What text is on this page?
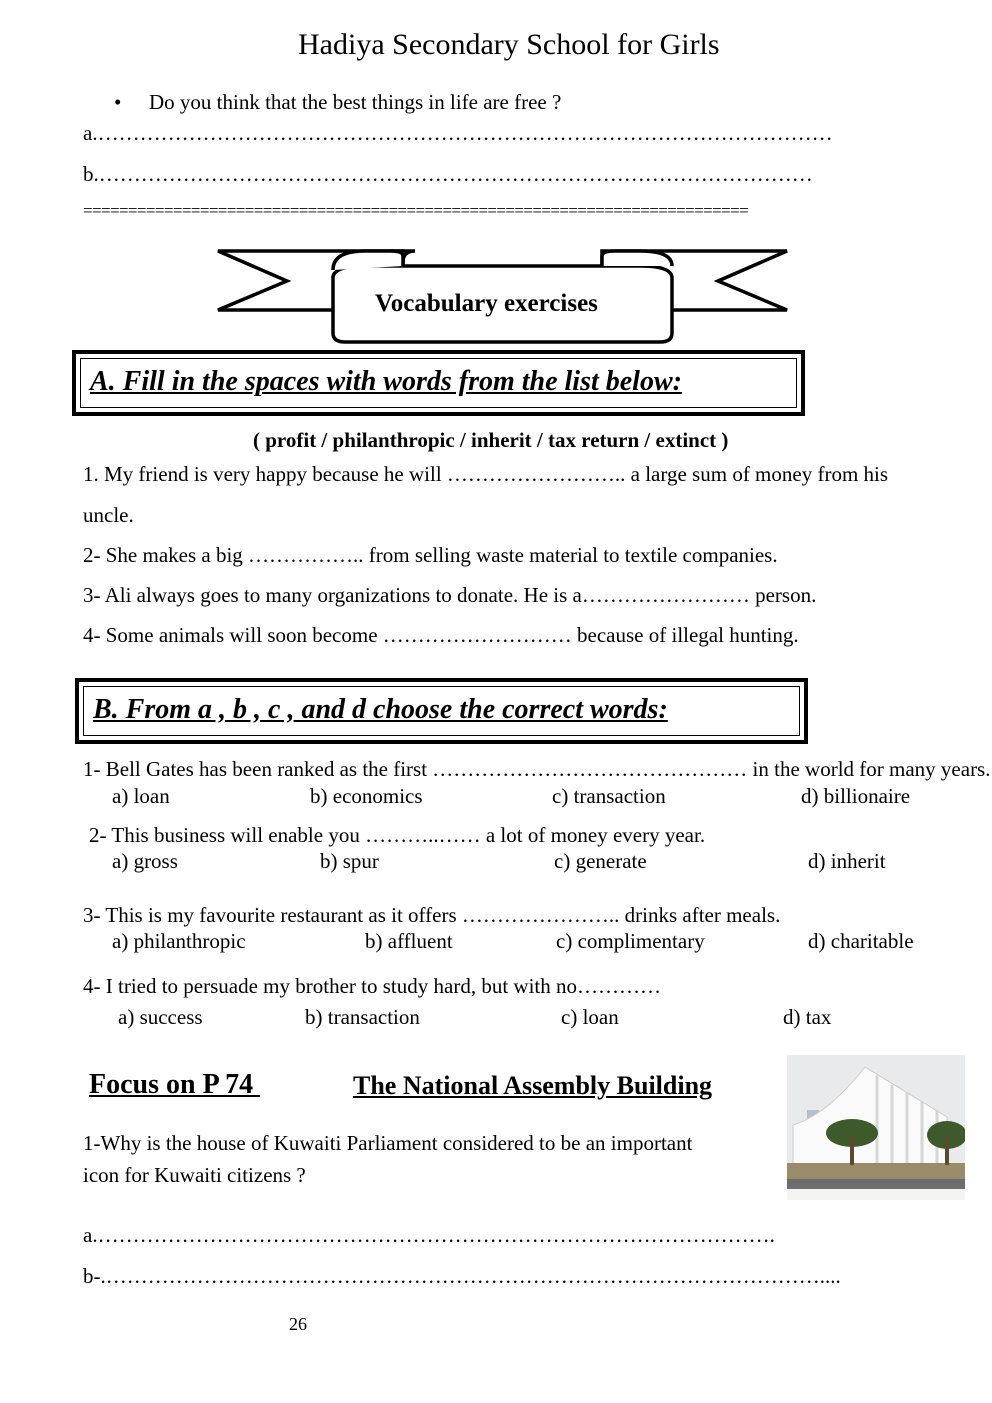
Hadiya Secondary School for Girls
• Do you think that the best things in life are free ?
a.……………………………………………………………………………………………
b.…………………………………………………………………………………………
==========================================================================
Vocabulary exercises
A. Fill in the spaces with words from the list below:
( profit / philanthropic / inherit / tax return / extinct )
1. My friend is very happy because he will …………………….. a large sum of money from his
uncle.
2- She makes a big …………….. from selling waste material to textile companies.
3- Ali always goes to many organizations to donate. He is a…………………… person.
4- Some animals will soon become ……………………… because of illegal hunting.
B. From a , b , c , and d choose the correct words:
1- Bell Gates has been ranked as the first ……………………………………… in the world for many years.
a) loan	b) economics	c) transaction	d) billionaire
2- This business will enable you ………..…… a lot of money every year.
a) gross	b) spur	c) generate	d) inherit
3- This is my favourite restaurant as it offers ………………….. drinks after meals.
a) philanthropic	b) affluent	c) complimentary	d) charitable
4- I tried to persuade my brother to study hard, but with no…………
a) success	b) transaction	c) loan	d) tax
Focus on P 74	The National Assembly Building
1-Why is the house of Kuwaiti Parliament considered to be an important
icon for Kuwaiti citizens ?
a.…………………………………………………………………………………….
b-.…………………………………………………………………………………………....
26
